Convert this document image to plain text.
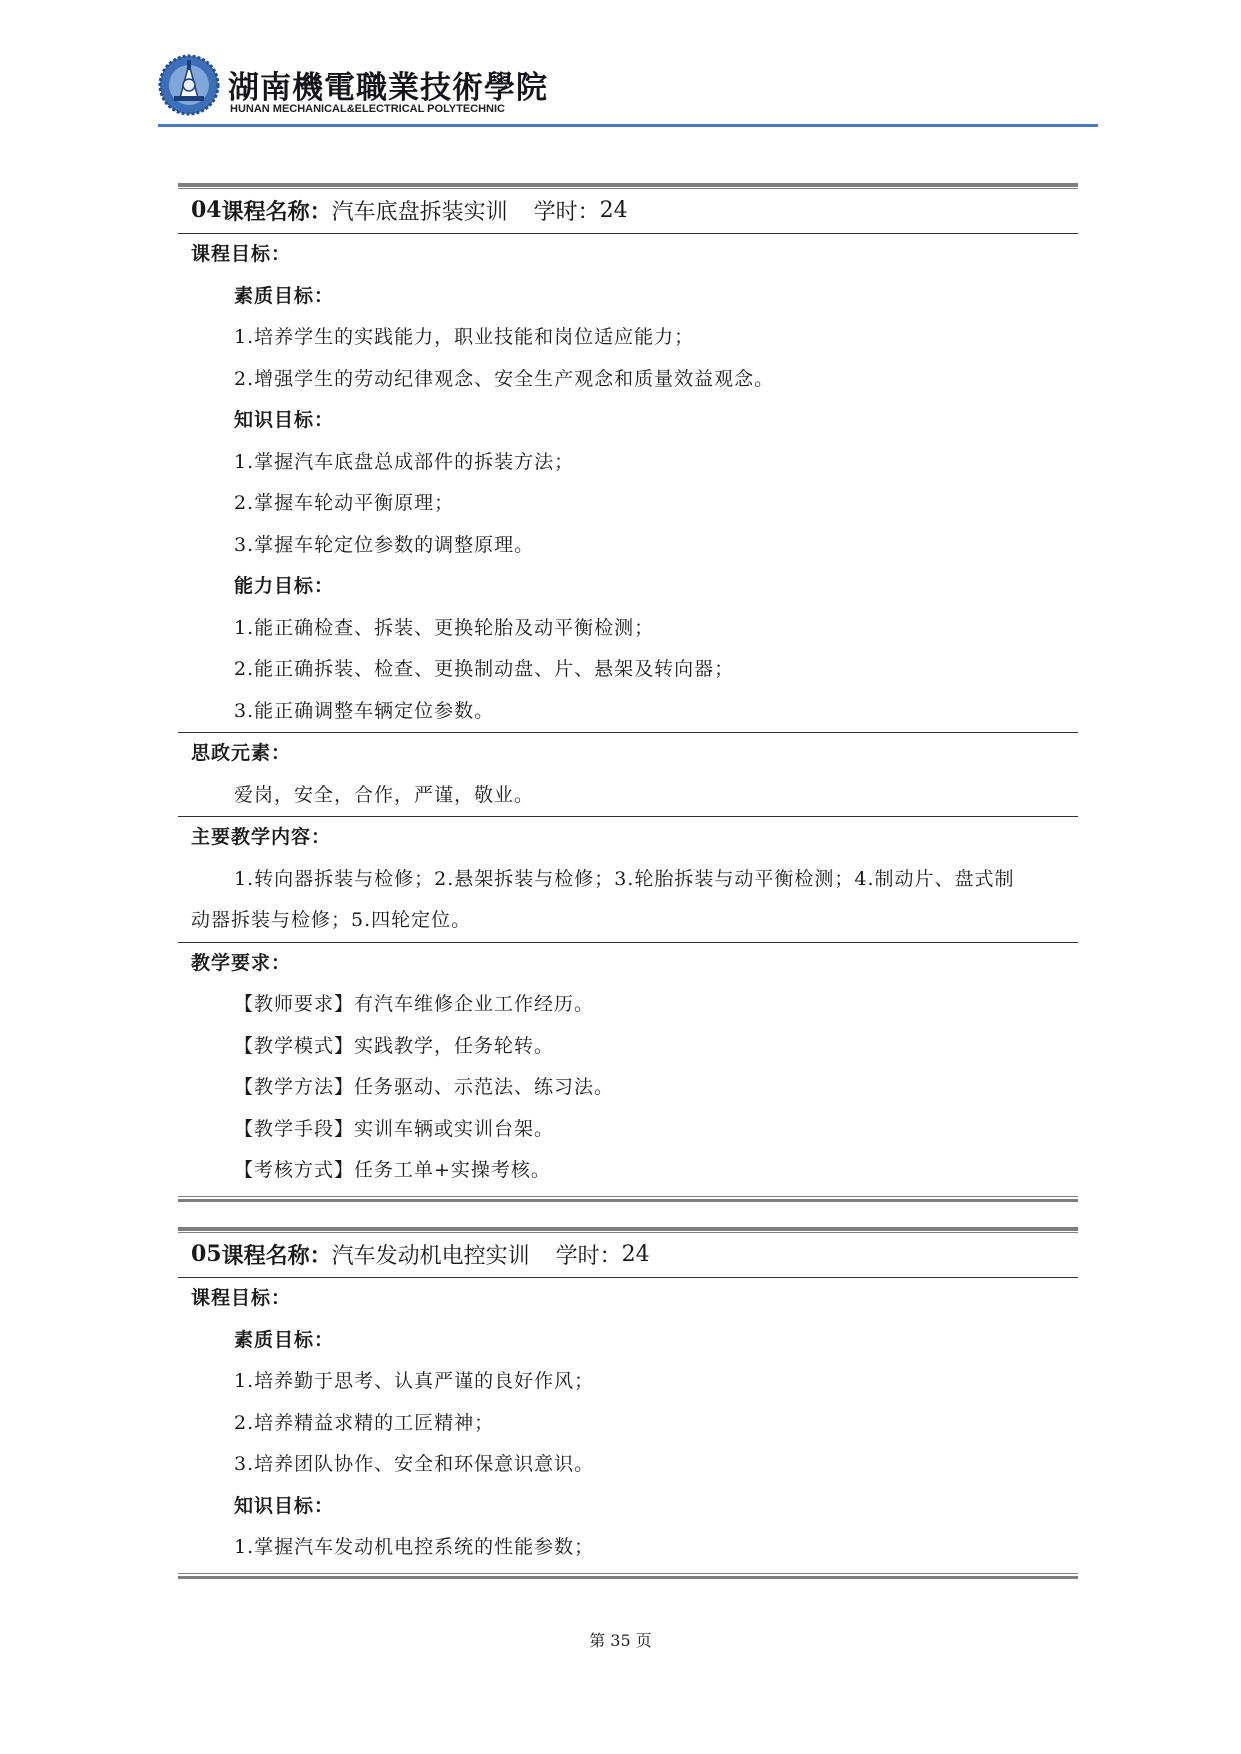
湖南機電職業技術學院
HUNAN MECHANICAL&ELECTRICAL POLYTECHNIC
04 课程名称： 汽车底盘拆装实训 学时： 24
课程目标：
素质目标：
1.培养学生的实践能力，职业技能和岗位适应能力；
2.增强学生的劳动纪律观念、安全生产观念和质量效益观念。
知识目标：
1.掌握汽车底盘总成部件的拆装方法；
2.掌握车轮动平衡原理；
3.掌握车轮定位参数的调整原理。
能力目标：
1.能正确检查、拆装、更换轮胎及动平衡检测；
2.能正确拆装、检查、更换制动盘、片、悬架及转向器；
3.能正确调整车辆定位参数。
思政元素：
爱岗，安全，合作，严谨，敬业。
主要教学内容：
1.转向器拆装与检修；2.悬架拆装与检修；3.轮胎拆装与动平衡检测；4.制动片、盘式制
动器拆装与检修；5.四轮定位。
教学要求：
【教师要求】有汽车维修企业工作经历。
【教学模式】实践教学，任务轮转。
【教学方法】任务驱动、示范法、练习法。
【教学手段】实训车辆或实训台架。
【考核方式】任务工单+实操考核。
05 课程名称： 汽车发动机电控实训 学时： 24
课程目标：
素质目标：
1.培养勤于思考、认真严谨的良好作风；
2.培养精益求精的工匠精神；
3.培养团队协作、安全和环保意识意识。
知识目标：
1.掌握汽车发动机电控系统的性能参数；
第 35 页
